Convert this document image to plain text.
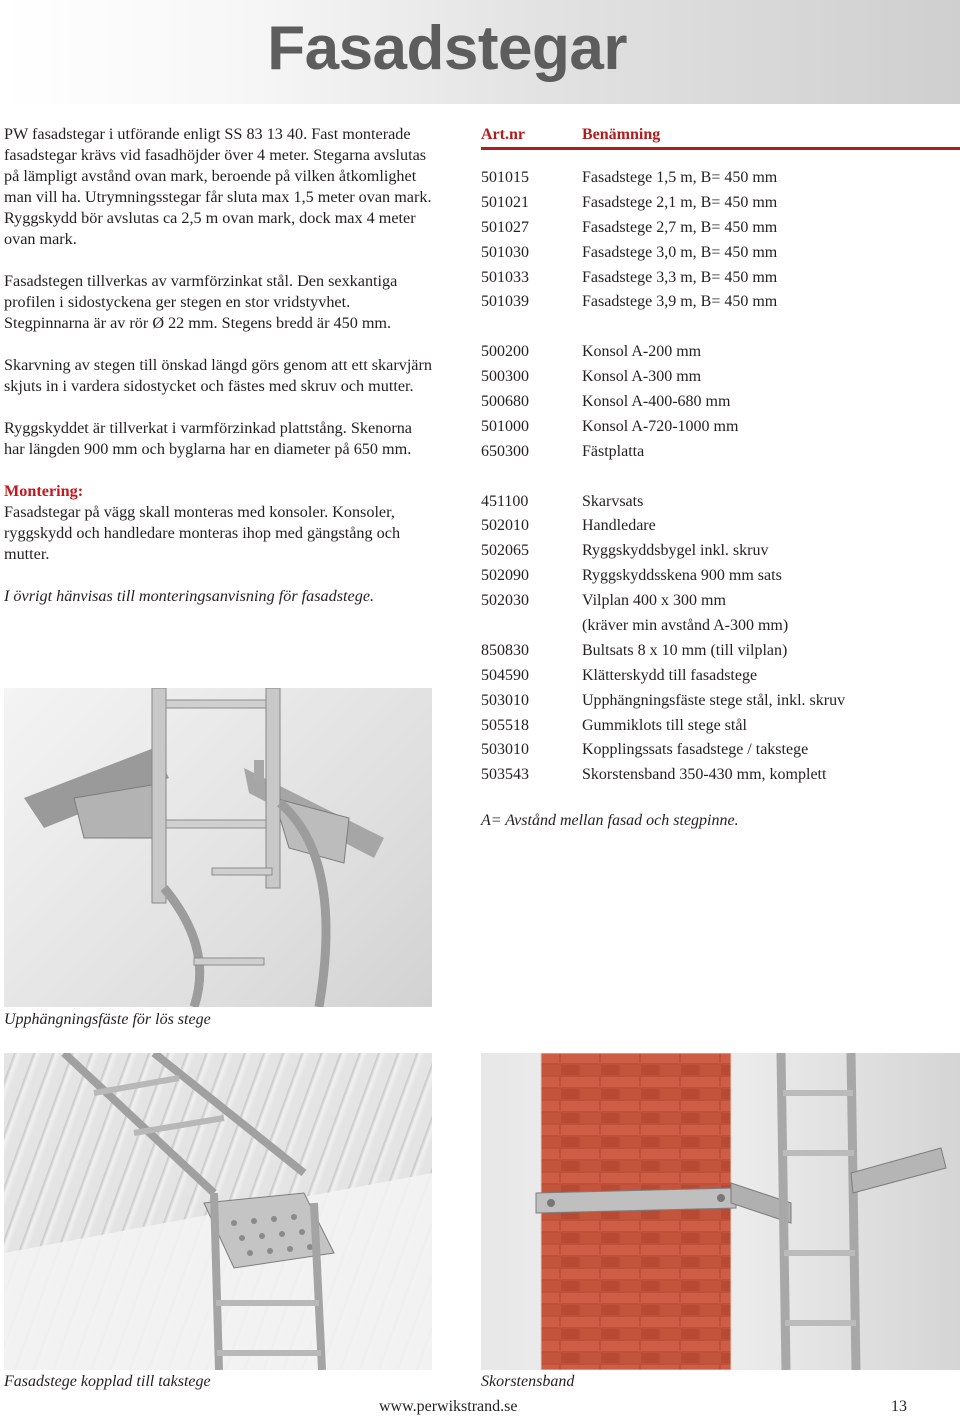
Fasadstegar

PW fasadstegar i utförande enligt SS 83 13 40. Fast monterade fasadstegar krävs vid fasadhöjder över 4 meter. Stegarna avslutas på lämpligt avstånd ovan mark, beroende på vilken åtkomlighet man vill ha. Utrymningsstegar får sluta max 1,5 meter ovan mark. Ryggskydd bör avslutas ca 2,5 m ovan mark, dock max 4 meter ovan mark.

Fasadstegen tillverkas av varmförzinkat stål. Den sexkantiga profilen i sidostyckena ger stegen en stor vridstyvhet. Stegpinnarna är av rör Ø 22 mm. Stegens bredd är 450 mm.

Skarvning av stegen till önskad längd görs genom att ett skarvjärn skjuts in i vardera sidostycket och fästes med skruv och mutter.

Ryggskyddet är tillverkat i varmförzinkad plattstång. Skenorna har längden 900 mm och byglarna har en diameter på 650 mm.

Montering:
Fasadstegar på vägg skall monteras med konsoler. Konsoler, ryggskydd och handledare monteras ihop med gängstång och mutter.

I övrigt hänvisas till monteringsanvisning för fasadstege.

Art.nr	Benämning
501015	Fasadstege 1,5 m, B= 450 mm
501021	Fasadstege 2,1 m, B= 450 mm
501027	Fasadstege 2,7 m, B= 450 mm
501030	Fasadstege 3,0 m, B= 450 mm
501033	Fasadstege 3,3 m, B= 450 mm
501039	Fasadstege 3,9 m, B= 450 mm
500200	Konsol A-200 mm
500300	Konsol A-300 mm
500680	Konsol A-400-680 mm
501000	Konsol A-720-1000 mm
650300	Fästplatta
451100	Skarvsats
502010	Handledare
502065	Ryggskyddsbygel inkl. skruv
502090	Ryggskyddsskena 900 mm sats
502030	Vilplan 400 x 300 mm
(kräver min avstånd A-300 mm)
850830	Bultsats 8 x 10 mm (till vilplan)
504590	Klätterskydd till fasadstege
503010	Upphängningsfäste stege stål, inkl. skruv
505518	Gummiklots till stege stål
503010	Kopplingssats fasadstege / takstege
503543	Skorstensband 350-430 mm, komplett
A= Avstånd mellan fasad och stegpinne.
Upphängningsfäste för lös stege
Fasadstege kopplad till takstege	Skorstensband
www.perwikstrand.se	13
